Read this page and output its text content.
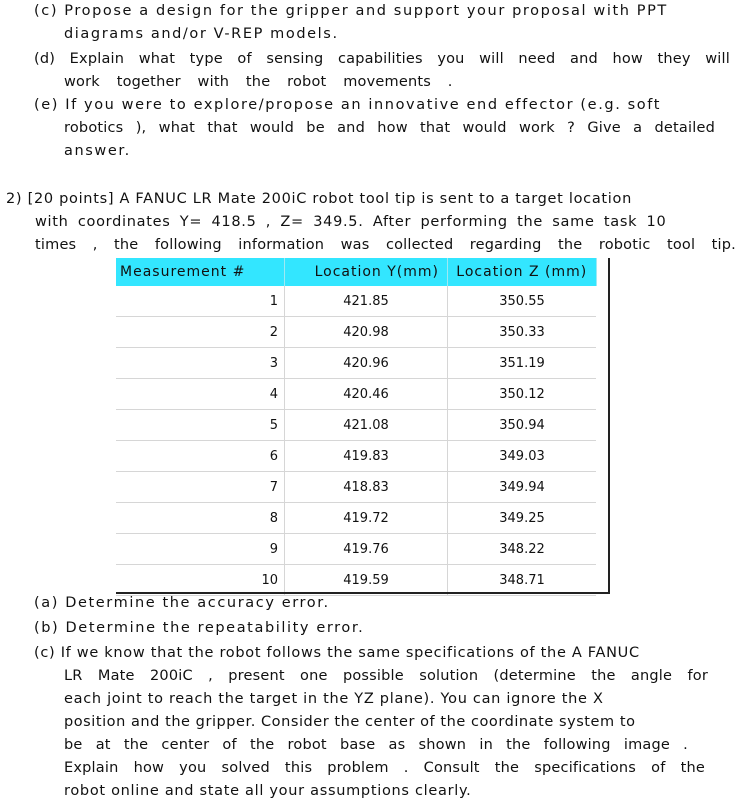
(c) Propose a design for the gripper and support your proposal with PPT
diagrams and/or V-REP models.
(d) Explain what type of sensing capabilities you will need and how they will
work together with the robot movements .
(e) If you were to explore/propose an innovative end effector (e.g. soft
robotics ), what that would be and how that would work ? Give a detailed
answer.
2) [20 points] A FANUC LR Mate 200iC robot tool tip is sent to a target location
with coordinates Y= 418.5 , Z= 349.5. After performing the same task 10
times , the following information was collected regarding the robotic tool tip.
Measurement #	Location Y(mm)	Location Z (mm)
1	421.85	350.55
2	420.98	350.33
3	420.96	351.19
4	420.46	350.12
5	421.08	350.94
6	419.83	349.03
7	418.83	349.94
8	419.72	349.25
9	419.76	348.22
10	419.59	348.71
(a) Determine the accuracy error.
(b) Determine the repeatability error.
(c) If we know that the robot follows the same specifications of the A FANUC
LR Mate 200iC , present one possible solution (determine the angle for
each joint to reach the target in the YZ plane). You can ignore the X
position and the gripper. Consider the center of the coordinate system to
be at the center of the robot base as shown in the following image .
Explain how you solved this problem . Consult the specifications of the
robot online and state all your assumptions clearly.
